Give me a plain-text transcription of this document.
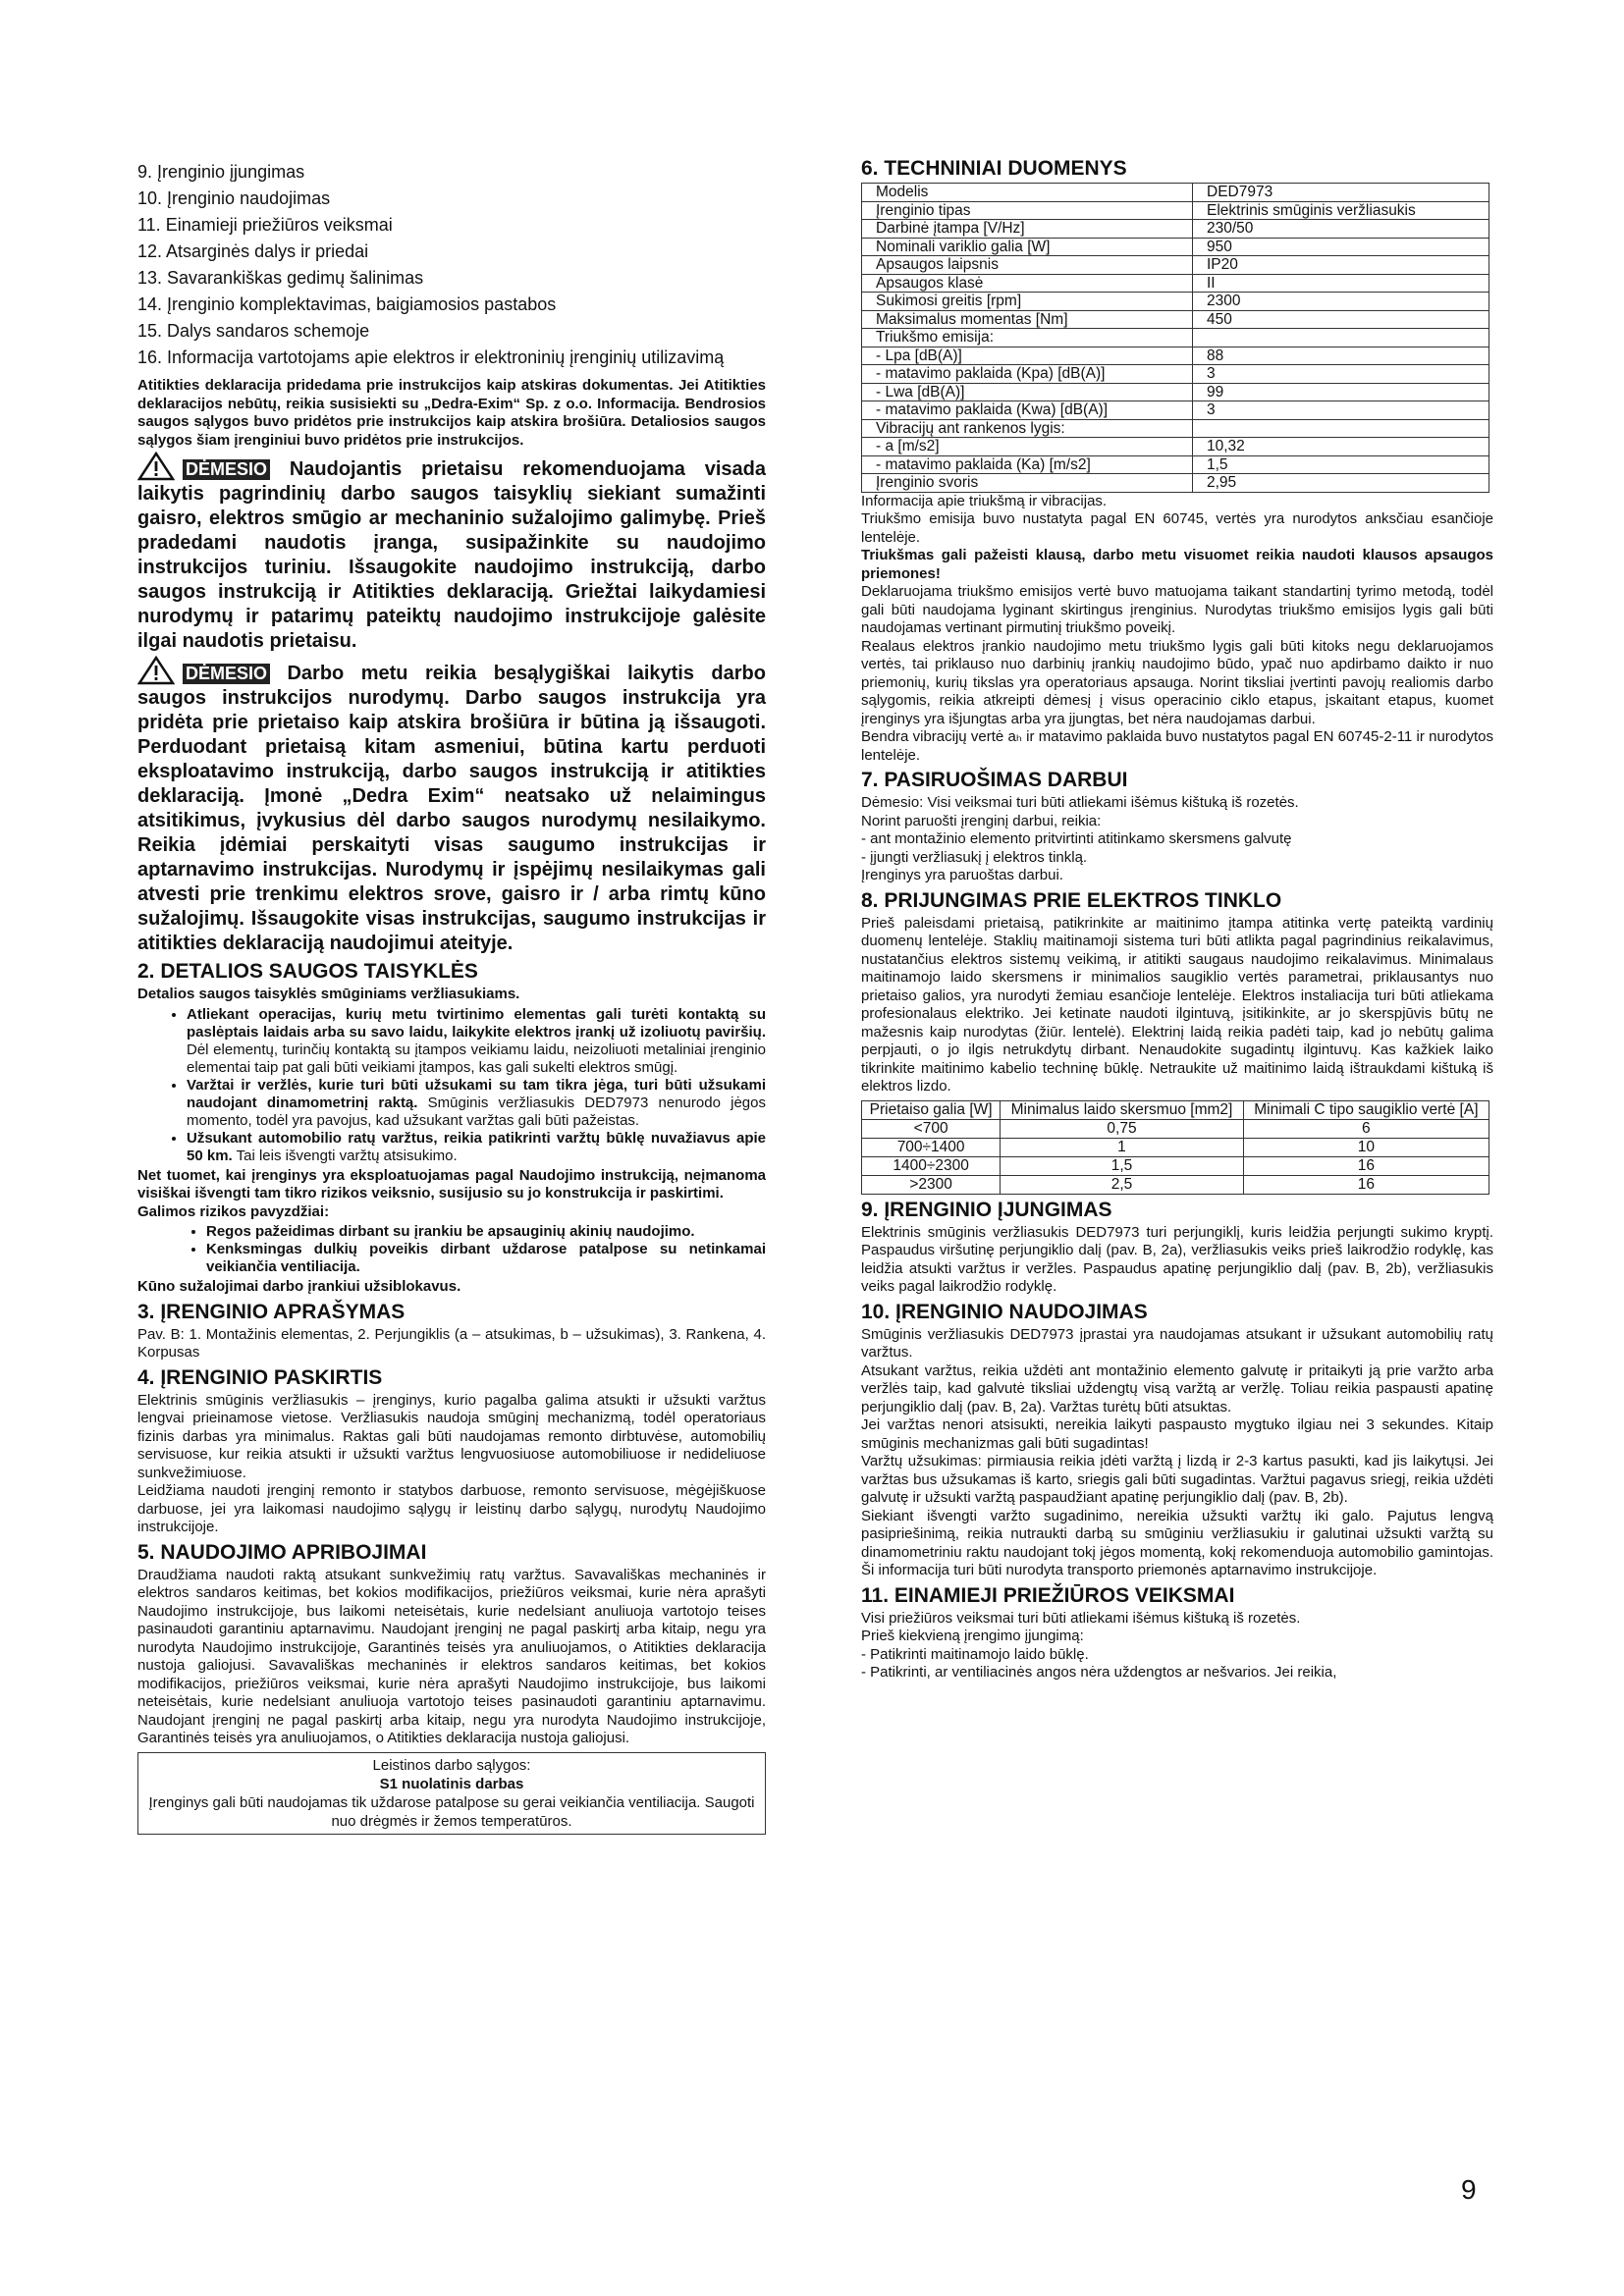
9. Įrenginio įjungimas
10. Įrenginio naudojimas
11. Einamieji priežiūros veiksmai
12. Atsarginės dalys ir priedai
13. Savarankiškas gedimų šalinimas
14. Įrenginio komplektavimas, baigiamosios pastabos
15. Dalys sandaros schemoje
16. Informacija vartotojams apie elektros ir elektroninių įrenginių utilizavimą

Atitikties deklaracija pridedama prie instrukcijos kaip atskiras dokumentas. Jei Atitikties deklaracijos nebūtų, reikia susisiekti su „Dedra-Exim“ Sp. z o.o. Informacija. Bendrosios saugos sąlygos buvo pridėtos prie instrukcijos kaip atskira brošiūra. Detaliosios saugos sąlygos šiam įrenginiui buvo pridėtos prie instrukcijos.

DĖMESIO Naudojantis prietaisu rekomenduojama visada laikytis pagrindinių darbo saugos taisyklių siekiant sumažinti gaisro, elektros smūgio ar mechaninio sužalojimo galimybę. Prieš pradedami naudotis įranga, susipažinkite su naudojimo instrukcijos turiniu. Išsaugokite naudojimo instrukciją, darbo saugos instrukciją ir Atitikties deklaraciją. Griežtai laikydamiesi nurodymų ir patarimų pateiktų naudojimo instrukcijoje galėsite ilgai naudotis prietaisu.

DĖMESIO Darbo metu reikia besąlygiškai laikytis darbo saugos instrukcijos nurodymų. Darbo saugos instrukcija yra pridėta prie prietaiso kaip atskira brošiūra ir būtina ją išsaugoti. Perduodant prietaisą kitam asmeniui, būtina kartu perduoti eksploatavimo instrukciją, darbo saugos instrukciją ir atitikties deklaraciją. Įmonė „Dedra Exim“ neatsako už nelaimingus atsitikimus, įvykusius dėl darbo saugos nurodymų nesilaikymo. Reikia įdėmiai perskaityti visas saugumo instrukcijas ir aptarnavimo instrukcijas. Nurodymų ir įspėjimų nesilaikymas gali atvesti prie trenkimu elektros srove, gaisro ir / arba rimtų kūno sužalojimų. Išsaugokite visas instrukcijas, saugumo instrukcijas ir atitikties deklaraciją naudojimui ateityje.

2. DETALIOS SAUGOS TAISYKLĖS

Detalios saugos taisyklės smūginiams veržliasukiams.

• Atliekant operacijas, kurių metu tvirtinimo elementas gali turėti kontaktą su paslėptais laidais arba su savo laidu, laikykite elektros įrankį už izoliuotų paviršių. Dėl elementų, turinčių kontaktą su įtampos veikiamu laidu, neizoliuoti metaliniai įrenginio elementai taip pat gali būti veikiami įtampos, kas gali sukelti elektros smūgį.
• Varžtai ir veržlės, kurie turi būti užsukami su tam tikra jėga, turi būti užsukami naudojant dinamometrinį raktą. Smūginis veržliasukis DED7973 nenurodo jėgos momento, todėl yra pavojus, kad užsukant varžtas gali būti pažeistas.
• Užsukant automobilio ratų varžtus, reikia patikrinti varžtų būklę nuvažiavus apie 50 km. Tai leis išvengti varžtų atsisukimo.

Net tuomet, kai įrenginys yra eksploatuojamas pagal Naudojimo instrukciją, neįmanoma visiškai išvengti tam tikro rizikos veiksnio, susijusio su jo konstrukcija ir paskirtimi.

Galimos rizikos pavyzdžiai:

• Regos pažeidimas dirbant su įrankiu be apsauginių akinių naudojimo.
• Kenksmingas dulkių poveikis dirbant uždarose patalpose su netinkamai veikiančia ventiliacija.

Kūno sužalojimai darbo įrankiui užsiblokavus.

3. ĮRENGINIO APRAŠYMAS

Pav. B: 1. Montažinis elementas, 2. Perjungiklis (a – atsukimas, b – užsukimas), 3. Rankena, 4. Korpusas

4. ĮRENGINIO PASKIRTIS

Elektrinis smūginis veržliasukis – įrenginys, kurio pagalba galima atsukti ir užsukti varžtus lengvai prieinamose vietose. Veržliasukis naudoja smūginį mechanizmą, todėl operatoriaus fizinis darbas yra minimalus. Raktas gali būti naudojamas remonto dirbtuvėse, automobilių servisuose, kur reikia atsukti ir užsukti varžtus lengvuosiuose automobiliuose ir nedideliuose sunkvežimiuose.

Leidžiama naudoti įrenginį remonto ir statybos darbuose, remonto servisuose, mėgėjiškuose darbuose, jei yra laikomasi naudojimo sąlygų ir leistinų darbo sąlygų, nurodytų Naudojimo instrukcijoje.

5. NAUDOJIMO APRIBOJIMAI

Draudžiama naudoti raktą atsukant sunkvežimių ratų varžtus. Savavališkas mechaninės ir elektros sandaros keitimas, bet kokios modifikacijos, priežiūros veiksmai, kurie nėra aprašyti Naudojimo instrukcijoje, bus laikomi neteisėtais, kurie nedelsiant anuliuoja vartotojo teises pasinaudoti garantiniu aptarnavimu. Naudojant įrenginį ne pagal paskirtį arba kitaip, negu yra nurodyta Naudojimo instrukcijoje, Garantinės teisės yra anuliuojamos, o Atitikties deklaracija nustoja galiojusi. Savavališkas mechaninės ir elektros sandaros keitimas, bet kokios modifikacijos, priežiūros veiksmai, kurie nėra aprašyti Naudojimo instrukcijoje, bus laikomi neteisėtais, kurie nedelsiant anuliuoja vartotojo teises pasinaudoti garantiniu aptarnavimu. Naudojant įrenginį ne pagal paskirtį arba kitaip, negu yra nurodyta Naudojimo instrukcijoje, Garantinės teisės yra anuliuojamos, o Atitikties deklaracija nustoja galiojusi.

Leistinos darbo sąlygos:
S1 nuolatinis darbas
Įrenginys gali būti naudojamas tik uždarose patalpose su gerai veikiančia ventiliacija. Saugoti nuo drėgmės ir žemos temperatūros.
6. TECHNINIAI DUOMENYS
Modelis	DED7973
Įrenginio tipas	Elektrinis smūginis veržliasukis
Darbinė įtampa [V/Hz]	230/50
Nominali variklio galia [W]	950
Apsaugos laipsnis	IP20
Apsaugos klasė	II
Sukimosi greitis [rpm]	2300
Maksimalus momentas [Nm]	450
Triukšmo emisija:	
- Lpa [dB(A)]	88
- matavimo paklaida (Kpa) [dB(A)]	3
- Lwa [dB(A)]	99
- matavimo paklaida (Kwa) [dB(A)]	3
Vibracijų ant rankenos lygis:	
- a [m/s2]	10,32
- matavimo paklaida (Ka) [m/s2]	1,5
Įrenginio svoris	2,95

Informacija apie triukšmą ir vibracijas.

Triukšmo emisija buvo nustatyta pagal EN 60745, vertės yra nurodytos anksčiau esančioje lentelėje.

Triukšmas gali pažeisti klausą, darbo metu visuomet reikia naudoti klausos apsaugos priemones!

Deklaruojama triukšmo emisijos vertė buvo matuojama taikant standartinį tyrimo metodą, todėl gali būti naudojama lyginant skirtingus įrenginius. Nurodytas triukšmo emisijos lygis gali būti naudojamas vertinant pirmutinį triukšmo poveikį.

Realaus elektros įrankio naudojimo metu triukšmo lygis gali būti kitoks negu deklaruojamos vertės, tai priklauso nuo darbinių įrankių naudojimo būdo, ypač nuo apdirbamo daikto ir nuo priemonių, kurių tikslas yra operatoriaus apsauga. Norint tiksliai įvertinti pavojų realiomis darbo sąlygomis, reikia atkreipti dėmesį į visus operacinio ciklo etapus, įskaitant etapus, kuomet įrenginys yra išjungtas arba yra įjungtas, bet nėra naudojamas darbui.

Bendra vibracijų vertė aₕ ir matavimo paklaida buvo nustatytos pagal EN 60745-2-11 ir nurodytos lentelėje.

7. PASIRUOŠIMAS DARBUI

Dėmesio: Visi veiksmai turi būti atliekami išėmus kištuką iš rozetės.

Norint paruošti įrenginį darbui, reikia:

- ant montažinio elemento pritvirtinti atitinkamo skersmens galvutę

- įjungti veržliasukį į elektros tinklą.

Įrenginys yra paruoštas darbui.

8. PRIJUNGIMAS PRIE ELEKTROS TINKLO

Prieš paleisdami prietaisą, patikrinkite ar maitinimo įtampa atitinka vertę pateiktą vardinių duomenų lentelėje. Staklių maitinamoji sistema turi būti atlikta pagal pagrindinius reikalavimus, nustatančius elektros sistemų veikimą, ir atitikti saugaus naudojimo reikalavimus. Minimalaus maitinamojo laido skersmens ir minimalios saugiklio vertės parametrai, priklausantys nuo prietaiso galios, yra nurodyti žemiau esančioje lentelėje. Elektros instaliacija turi būti atliekama profesionalaus elektriko. Jei ketinate naudoti ilgintuvą, įsitikinkite, ar jo skerspjūvis būtų ne mažesnis kaip nurodytas (žiūr. lentelė). Elektrinį laidą reikia padėti taip, kad jo nebūtų galima perpjauti, o jo ilgis netrukdytų dirbant. Nenaudokite sugadintų ilgintuvų. Kas kažkiek laiko tikrinkite maitinimo kabelio techninę būklę. Netraukite už maitinimo laidą ištraukdami kištuką iš elektros lizdo.

Prietaiso galia [W]	Minimalus laido skersmuo [mm2]	Minimali C tipo saugiklio vertė [A]
<700	0,75	6
700÷1400	1	10
1400÷2300	1,5	16
>2300	2,5	16
9. ĮRENGINIO ĮJUNGIMAS

Elektrinis smūginis veržliasukis DED7973 turi perjungiklį, kuris leidžia perjungti sukimo kryptį. Paspaudus viršutinę perjungiklio dalį (pav. B, 2a), veržliasukis veiks prieš laikrodžio rodyklę, kas leidžia atsukti varžtus ir veržles. Paspaudus apatinę perjungiklio dalį (pav. B, 2b), veržliasukis veiks pagal laikrodžio rodyklę.

10. ĮRENGINIO NAUDOJIMAS

Smūginis veržliasukis DED7973 įprastai yra naudojamas atsukant ir užsukant automobilių ratų varžtus.

Atsukant varžtus, reikia uždėti ant montažinio elemento galvutę ir pritaikyti ją prie varžto arba veržlės taip, kad galvutė tiksliai uždengtų visą varžtą ar veržlę. Toliau reikia paspausti apatinę perjungiklio dalį (pav. B, 2a). Varžtas turėtų būti atsuktas.

Jei varžtas nenori atsisukti, nereikia laikyti paspausto mygtuko ilgiau nei 3 sekundes. Kitaip smūginis mechanizmas gali būti sugadintas!

Varžtų užsukimas: pirmiausia reikia įdėti varžtą į lizdą ir 2-3 kartus pasukti, kad jis laikytųsi. Jei varžtas bus užsukamas iš karto, sriegis gali būti sugadintas. Varžtui pagavus sriegį, reikia uždėti galvutę ir užsukti varžtą paspaudžiant apatinę perjungiklio dalį (pav. B, 2b).

Siekiant išvengti varžto sugadinimo, nereikia užsukti varžtų iki galo. Pajutus lengvą pasipriešinimą, reikia nutraukti darbą su smūginiu veržliasukiu ir galutinai užsukti varžtą su dinamometriniu raktu naudojant tokį jėgos momentą, kokį rekomenduoja automobilio gamintojas. Ši informacija turi būti nurodyta transporto priemonės aptarnavimo instrukcijoje.

11. EINAMIEJI PRIEŽIŪROS VEIKSMAI

Visi priežiūros veiksmai turi būti atliekami išėmus kištuką iš rozetės.

Prieš kiekvieną įrengimo įjungimą:

- Patikrinti maitinamojo laido būklę.

- Patikrinti, ar ventiliacinės angos nėra uždengtos ar nešvarios. Jei reikia,

9
